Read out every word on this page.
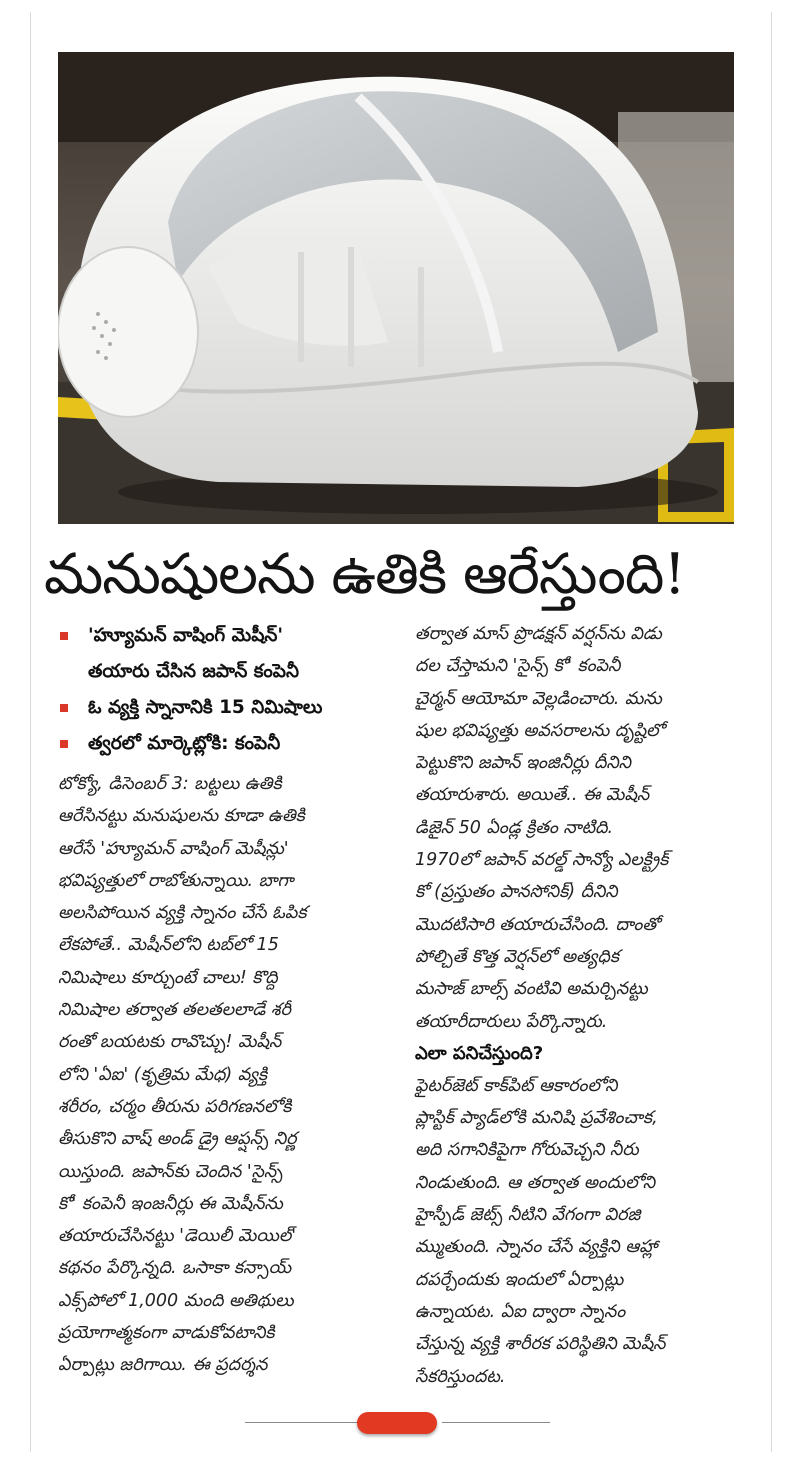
మనుషులను ఉతికి ఆరేస్తుంది!
'హ్యూమన్ వాషింగ్ మెషీన్'
తయారు చేసిన జపాన్ కంపెనీ
ఓ వ్యక్తి స్నానానికి 15 నిమిషాలు
త్వరలో మార్కెట్లోకి: కంపెనీ

టోక్యో, డిసెంబర్ 3: బట్టలు ఉతికి
ఆరేసినట్టు మనుషులను కూడా ఉతికి
ఆరేసే 'హ్యూమన్ వాషింగ్ మెషీన్లు'
భవిష్యత్తులో రాబోతున్నాయి. బాగా
అలసిపోయిన వ్యక్తి స్నానం చేసే ఓపిక
లేకపోతే.. మెషీన్‌లోని టబ్‌లో 15
నిమిషాలు కూర్చుంటే చాలు! కొద్ది
నిమిషాల తర్వాత తలతలలాడే శరీ
రంతో బయటకు రావొచ్చు! మెషీన్
లోని 'ఏఐ' (కృత్రిమ మేధ) వ్యక్తి
శరీరం, చర్మం తీరును పరిగణనలోకి
తీసుకొని వాష్ అండ్ డ్రై ఆప్షన్స్ నిర్ణ
యిస్తుంది. జపాన్‌కు చెందిన 'సైన్స్
కో' కంపెనీ ఇంజనీర్లు ఈ మెషీన్‌ను
తయారుచేసినట్టు 'డెయిలీ మెయిల్'
కథనం పేర్కొన్నది. ఒసాకా కన్సాయ్
ఎక్స్‌పోలో 1,000 మంది అతిథులు
ప్రయోగాత్మకంగా వాడుకోవటానికి
ఏర్పాట్లు జరిగాయి. ఈ ప్రదర్శన

తర్వాత మాస్ ప్రొడక్షన్ వర్షన్‌ను విడు
దల చేస్తామని 'సైన్స్ కో' కంపెనీ
చైర్మన్ ఆయోమా వెల్లడించారు. మను
షుల భవిష్యత్తు అవసరాలను దృష్టిలో
పెట్టుకొని జపాన్ ఇంజినీర్లు దీనిని
తయారుశారు. అయితే.. ఈ మెషీన్
డిజైన్ 50 ఏండ్ల క్రితం నాటిది.
1970లో జపాన్ వరల్డ్ సాన్యో ఎలక్ట్రిక్
కో (ప్రస్తుతం పానసోనిక్) దీనిని
మొదటిసారి తయారుచేసింది. దాంతో
పోల్చితే కొత్త వెర్షన్‌లో అత్యధిక
మసాజ్ బాల్స్ వంటివి అమర్చినట్టు
తయారీదారులు పేర్కొన్నారు.

ఎలా పనిచేస్తుంది?

ఫైటర్‌జెట్ కాక్‌పిట్ ఆకారంలోని
ప్లాస్టిక్ ప్యాడ్‌లోకి మనిషి ప్రవేశించాక,
అది సగానికిపైగా గోరువెచ్చని నీరు
నిండుతుంది. ఆ తర్వాత అందులోని
హైస్పీడ్ జెట్స్ నీటిని వేగంగా విరజి
మ్ముతుంది. స్నానం చేసే వ్యక్తిని ఆహ్లా
దపర్చేందుకు ఇందులో ఏర్పాట్లు
ఉన్నాయట. ఏఐ ద్వారా స్నానం
చేస్తున్న వ్యక్తి శారీరక పరిస్థితిని మెషీన్
సేకరిస్తుందట.
